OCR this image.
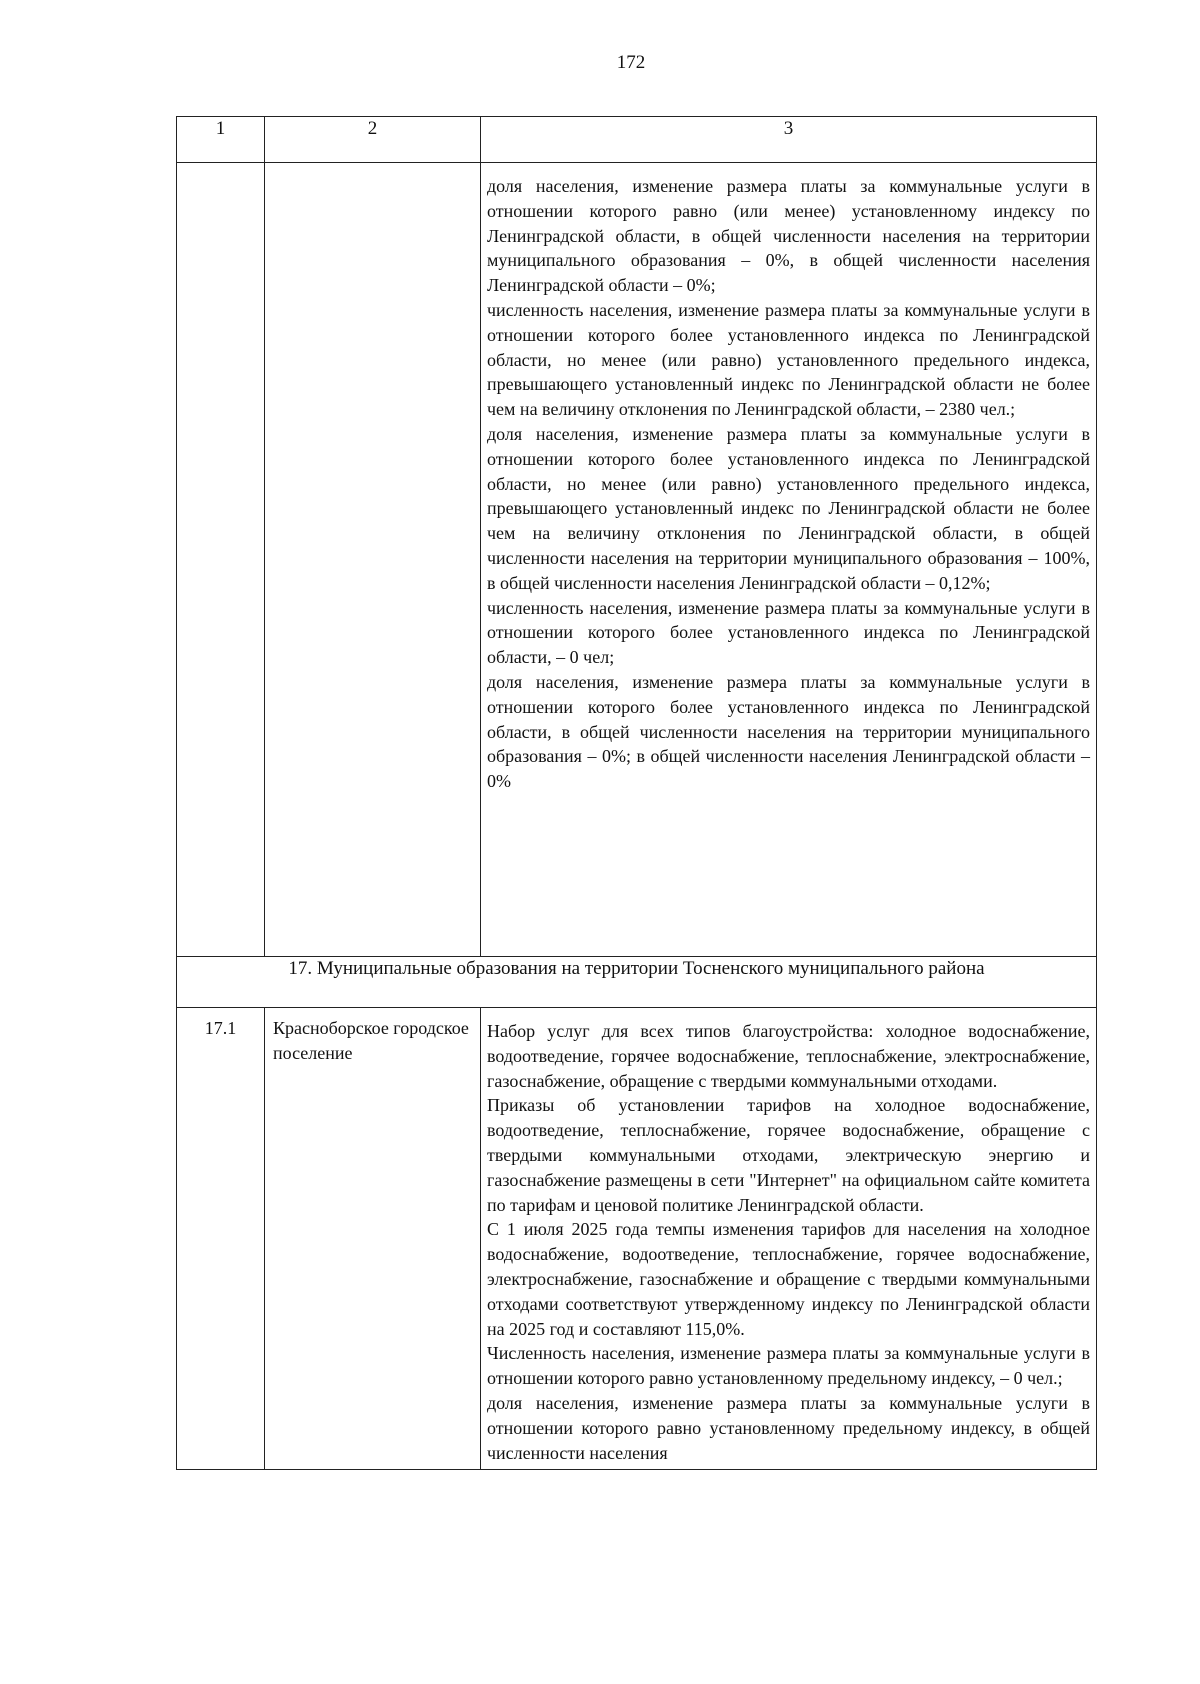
172
1	2	3

		доля населения, изменение размера платы за коммунальные услуги в отношении которого равно (или менее) установленному индексу по Ленинградской области, в общей численности населения на территории муниципального образования – 0%, в общей численности населения Ленинградской области – 0%;

численность населения, изменение размера платы за коммунальные услуги в отношении которого более установленного индекса по Ленинградской области, но менее (или равно) установленного предельного индекса, превышающего установленный индекс по Ленинградской области не более чем на величину отклонения по Ленинградской области, – 2380 чел.;

доля населения, изменение размера платы за коммунальные услуги в отношении которого более установленного индекса по Ленинградской области, но менее (или равно) установленного предельного индекса, превышающего установленный индекс по Ленинградской области не более чем на величину отклонения по Ленинградской области, в общей численности населения на территории муниципального образования – 100%, в общей численности населения Ленинградской области – 0,12%;

численность населения, изменение размера платы за коммунальные услуги в отношении которого более установленного индекса по Ленинградской области, – 0 чел;

доля населения, изменение размера платы за коммунальные услуги в отношении которого более установленного индекса по Ленинградской области, в общей численности населения на территории муниципального образования – 0%; в общей численности населения Ленинградской области – 0%

17. Муниципальные образования на территории Тосненского муниципального района		
17.1	Красноборское городское поселение	Набор услуг для всех типов благоустройства: холодное водоснабжение, водоотведение, горячее водоснабжение, теплоснабжение, электроснабжение, газоснабжение, обращение с твердыми коммунальными отходами.

Приказы об установлении тарифов на холодное водоснабжение, водоотведение, теплоснабжение, горячее водоснабжение, обращение с твердыми коммунальными отходами, электрическую энергию и газоснабжение размещены в сети "Интернет" на официальном сайте комитета по тарифам и ценовой политике Ленинградской области.

С 1 июля 2025 года темпы изменения тарифов для населения на холодное водоснабжение, водоотведение, теплоснабжение, горячее водоснабжение, электроснабжение, газоснабжение и обращение с твердыми коммунальными отходами соответствуют утвержденному индексу по Ленинградской области на 2025 год и составляют 115,0%.

Численность населения, изменение размера платы за коммунальные услуги в отношении которого равно установленному предельному индексу, – 0 чел.;

доля населения, изменение размера платы за коммунальные услуги в отношении которого равно установленному предельному индексу, в общей численности населения
